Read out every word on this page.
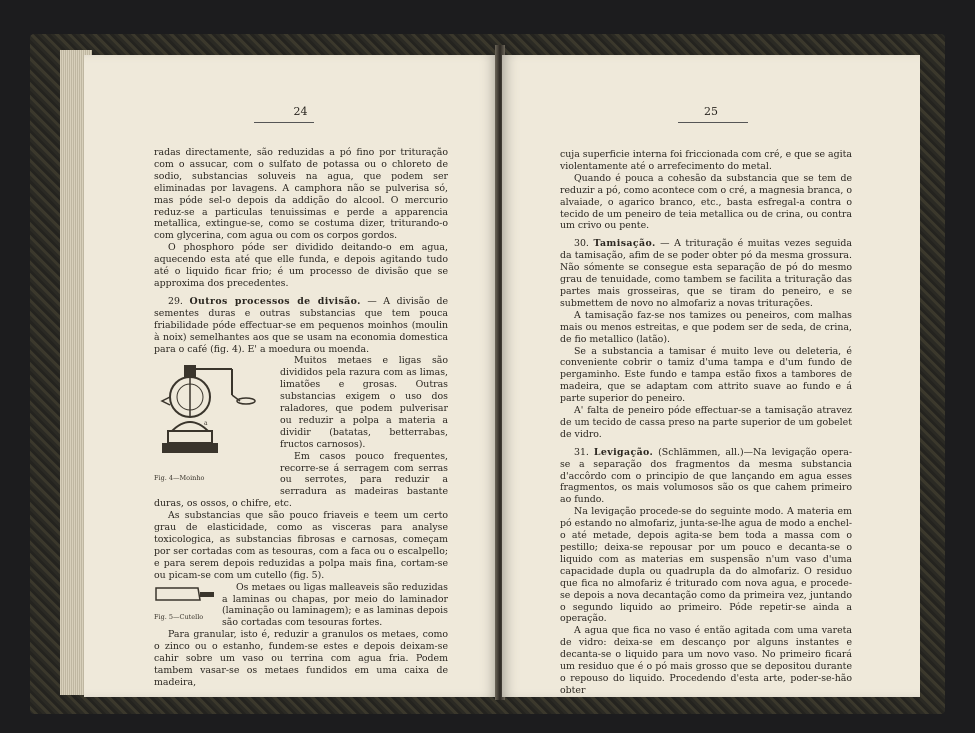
24

radas directamente, são reduzidas a pó fino por trituração com o assucar, com o sulfato de potassa ou o chloreto de sodio, substancias soluveis na agua, que podem ser eliminadas por lavagens. A camphora não se pulverisa só, mas póde sel-o depois da addição do alcool. O mercurio reduz-se a particulas tenuissimas e perde a apparencia metallica, extingue-se, como se costuma dizer, triturando-o com glycerina, com agua ou com os corpos gordos.

O phosphoro póde ser dividido deitando-o em agua, aquecendo esta até que elle funda, e depois agitando tudo até o liquido ficar frio; é um processo de divisão que se approxima dos precedentes.

29. Outros processos de divisão. — A divisão de sementes duras e outras substancias que tem pouca friabilidade póde effectuar-se em pequenos moinhos (moulin à noix) semelhantes aos que se usam na economia domestica para o café (fig. 4). E' a moedura ou moenda.

a
Fig. 4—Moinho

Muitos metaes e ligas são divididos pela razura com as limas, limatões e grosas. Outras substancias exigem o uso dos raladores, que podem pulverisar ou reduzir a polpa a materia a dividir (batatas, betterrabas, fructos carnosos).

Em casos pouco frequentes, recorre-se á serragem com serras ou serrotes, para reduzir a serradura as madeiras bastante duras, os ossos, o chifre, etc.

As substancias que são pouco friaveis e teem um certo grau de elasticidade, como as visceras para analyse toxicologica, as substancias fibrosas e carnosas, começam por ser cortadas com as tesouras, com a faca ou o escalpello; e para serem depois reduzidas a polpa mais fina, cortam-se ou picam-se com um cutello (fig. 5).

Fig. 5—Cutello

Os metaes ou ligas malleaveis são reduzidas a laminas ou chapas, por meio do laminador (laminação ou laminagem); e as laminas depois são cortadas com tesouras fortes.

Para granular, isto é, reduzir a granulos os metaes, como o zinco ou o estanho, fundem-se estes e depois deixam-se cahir sobre um vaso ou terrina com agua fria. Podem tambem vasar-se os metaes fundidos em uma caixa de madeira,

25

cuja superficie interna foi friccionada com cré, e que se agita violentamente até o arrefecimento do metal.

Quando é pouca a cohesão da substancia que se tem de reduzir a pó, como acontece com o cré, a magnesia branca, o alvaiade, o agarico branco, etc., basta esfregal-a contra o tecido de um peneiro de teia metallica ou de crina, ou contra um crivo ou pente.

30. Tamisação. — A trituração é muitas vezes seguida da tamisação, afim de se poder obter pó da mesma grossura. Não sómente se consegue esta separação de pó do mesmo grau de tenuidade, como tambem se facilita a trituração das partes mais grosseiras, que se tiram do peneiro, e se submettem de novo no almofariz a novas triturações.

A tamisação faz-se nos tamizes ou peneiros, com malhas mais ou menos estreitas, e que podem ser de seda, de crina, de fio metallico (latão).

Se a substancia a tamisar é muito leve ou deleteria, é conveniente cobrir o tamiz d'uma tampa e d'um fundo de pergaminho. Este fundo e tampa estão fixos a tambores de madeira, que se adaptam com attrito suave ao fundo e á parte superior do peneiro.

A' falta de peneiro póde effectuar-se a tamisação atravez de um tecido de cassa preso na parte superior de um gobelet de vidro.

31. Levigação. (Schlämmen, all.)—Na levigação opera-se a separação dos fragmentos da mesma substancia d'accôrdo com o principio de que lançando em agua esses fragmentos, os mais volumosos são os que cahem primeiro ao fundo.

Na levigação procede-se do seguinte modo. A materia em pó estando no almofariz, junta-se-lhe agua de modo a enchel-o até metade, depois agita-se bem toda a massa com o pestillo; deixa-se repousar por um pouco e decanta-se o liquido com as materias em suspensão n'um vaso d'uma capacidade dupla ou quadrupla da do almofariz. O residuo que fica no almofariz é triturado com nova agua, e procede-se depois a nova decantação como da primeira vez, juntando o segundo liquido ao primeiro. Póde repetir-se ainda a operação.

A agua que fica no vaso é então agitada com uma vareta de vidro: deixa-se em descanço por alguns instantes e decanta-se o liquido para um novo vaso. No primeiro ficará um residuo que é o pó mais grosso que se depositou durante o repouso do liquido. Procedendo d'esta arte, poder-se-hão obter
